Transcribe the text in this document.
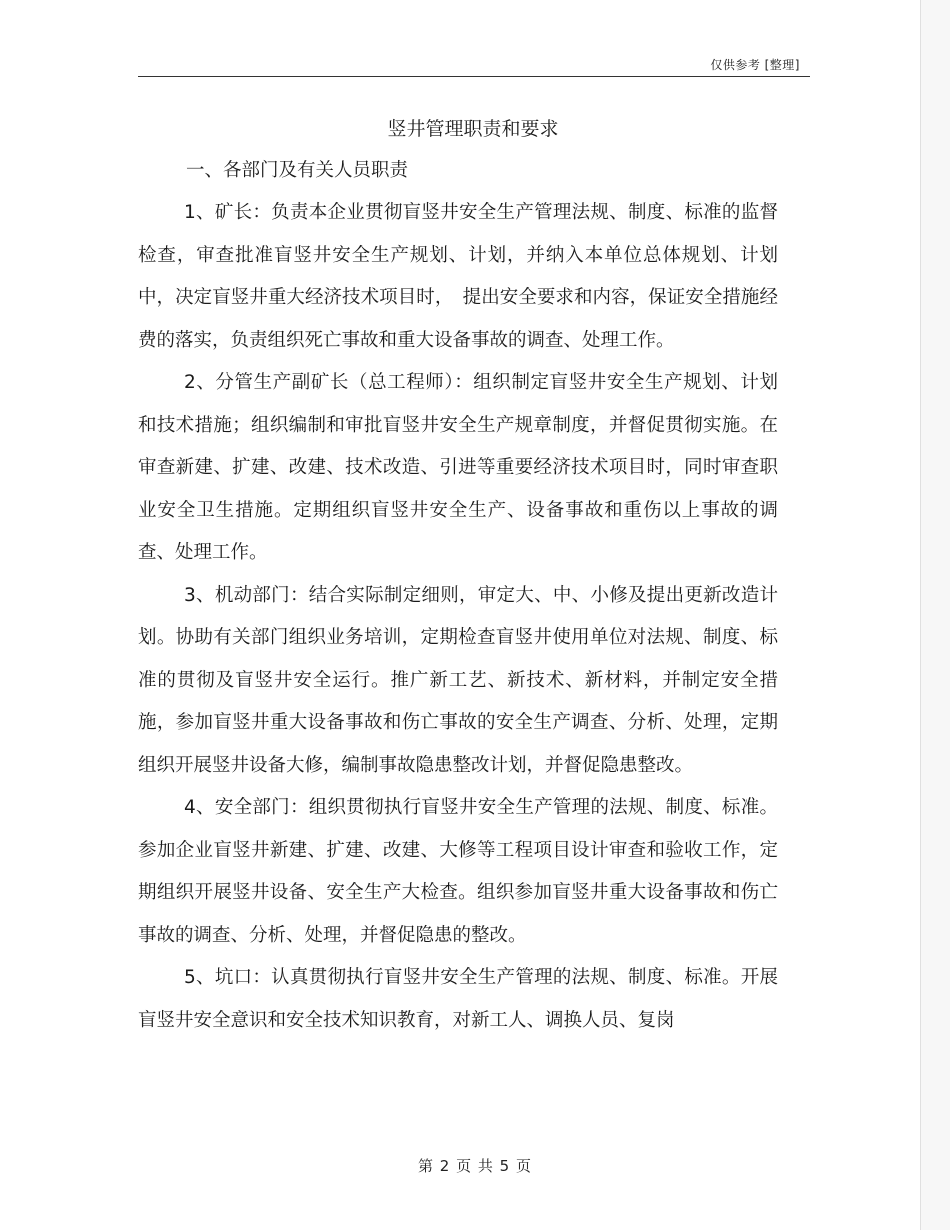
仅供参考 [整理]

竖井管理职责和要求

一、各部门及有关人员职责

1、矿长：负责本企业贯彻盲竖井安全生产管理法规、制度、标准的监督检查，审查批准盲竖井安全生产规划、计划，并纳入本单位总体规划、计划中，决定盲竖井重大经济技术项目时，　提出安全要求和内容，保证安全措施经费的落实，负责组织死亡事故和重大设备事故的调查、处理工作。

2、分管生产副矿长（总工程师）：组织制定盲竖井安全生产规划、计划和技术措施；组织编制和审批盲竖井安全生产规章制度，并督促贯彻实施。在审查新建、扩建、改建、技术改造、引进等重要经济技术项目时，同时审查职业安全卫生措施。定期组织盲竖井安全生产、设备事故和重伤以上事故的调查、处理工作。

3、机动部门：结合实际制定细则，审定大、中、小修及提出更新改造计划。协助有关部门组织业务培训，定期检查盲竖井使用单位对法规、制度、标准的贯彻及盲竖井安全运行。推广新工艺、新技术、新材料，并制定安全措施，参加盲竖井重大设备事故和伤亡事故的安全生产调查、分析、处理，定期组织开展竖井设备大修，编制事故隐患整改计划，并督促隐患整改。

4、安全部门：组织贯彻执行盲竖井安全生产管理的法规、制度、标准。参加企业盲竖井新建、扩建、改建、大修等工程项目设计审查和验收工作，定期组织开展竖井设备、安全生产大检查。组织参加盲竖井重大设备事故和伤亡事故的调查、分析、处理，并督促隐患的整改。

5、坑口：认真贯彻执行盲竖井安全生产管理的法规、制度、标准。开展盲竖井安全意识和安全技术知识教育，对新工人、调换人员、复岗

第 2 页 共 5 页
